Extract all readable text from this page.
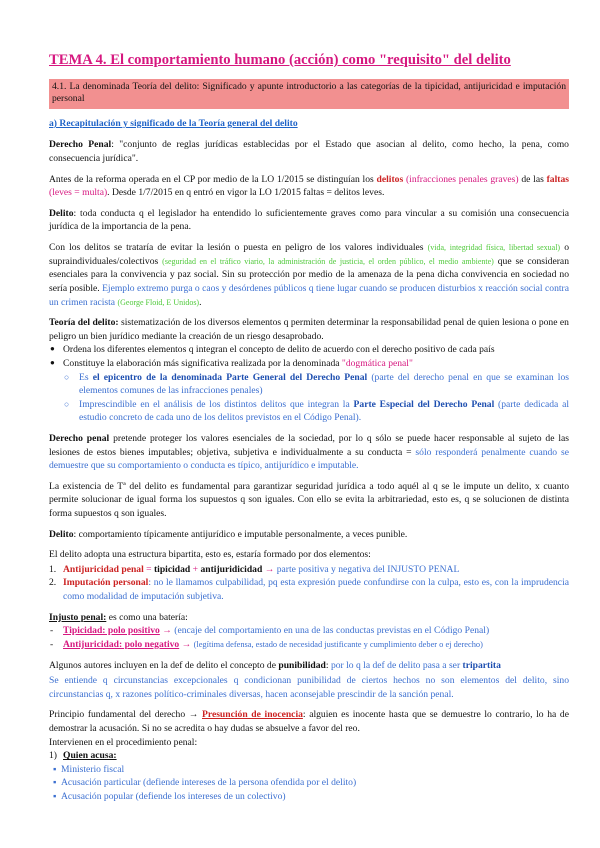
TEMA 4. El comportamiento humano (acción) como "requisito" del delito
4.1. La denominada Teoría del delito: Significado y apunte introductorio a las categorías de la tipicidad, antijuricidad e imputación personal
a) Recapitulación y significado de la Teoría general del delito

Derecho Penal: "conjunto de reglas jurídicas establecidas por el Estado que asocian al delito, como hecho, la pena, como consecuencia jurídica".

Antes de la reforma operada en el CP por medio de la LO 1/2015 se distinguían los delitos (infracciones penales graves) de las faltas (leves = multa). Desde 1/7/2015 en q entró en vigor la LO 1/2015 faltas = delitos leves.

Delito: toda conducta q el legislador ha entendido lo suficientemente graves como para vincular a su comisión una consecuencia jurídica de la importancia de la pena.

Con los delitos se trataría de evitar la lesión o puesta en peligro de los valores individuales (vida, integridad física, libertad sexual) o supraindividuales/colectivos (seguridad en el tráfico viario, la administración de justicia, el orden público, el medio ambiente) que se consideran esenciales para la convivencia y paz social. Sin su protección por medio de la amenaza de la pena dicha convivencia en sociedad no sería posible. Ejemplo extremo purga o caos y desórdenes públicos q tiene lugar cuando se producen disturbios x reacción social contra un crimen racista (George Floid, E Unidos).

Teoría del delito: sistematización de los diversos elementos q permiten determinar la responsabilidad penal de quien lesiona o pone en peligro un bien jurídico mediante la creación de un riesgo desaprobado.

● Ordena los diferentes elementos q integran el concepto de delito de acuerdo con el derecho positivo de cada país
● Constituye la elaboración más significativa realizada por la denominada "dogmática penal"
○ Es el epicentro de la denominada Parte General del Derecho Penal (parte del derecho penal en que se examinan los elementos comunes de las infracciones penales)
○ Imprescindible en el análisis de los distintos delitos que integran la Parte Especial del Derecho Penal (parte dedicada al estudio concreto de cada uno de los delitos previstos en el Código Penal).

Derecho penal pretende proteger los valores esenciales de la sociedad, por lo q sólo se puede hacer responsable al sujeto de las lesiones de estos bienes imputables; objetiva, subjetiva e individualmente a su conducta = sólo responderá penalmente cuando se demuestre que su comportamiento o conducta es típico, antijurídico e imputable.

La existencia de Tª del delito es fundamental para garantizar seguridad jurídica a todo aquél al q se le impute un delito, x cuanto permite solucionar de igual forma los supuestos q son iguales. Con ello se evita la arbitrariedad, esto es, q se solucionen de distinta forma supuestos q son iguales.

Delito: comportamiento típicamente antijurídico e imputable personalmente, a veces punible.

El delito adopta una estructura bipartita, esto es, estaría formado por dos elementos:

1. Antijuricidad penal = tipicidad + antijuridicidad → parte positiva y negativa del INJUSTO PENAL
2. Imputación personal: no le llamamos culpabilidad, pq esta expresión puede confundirse con la culpa, esto es, con la imprudencia como modalidad de imputación subjetiva.

Injusto penal: es como una batería:

- Tipicidad: polo positivo → (encaje del comportamiento en una de las conductas previstas en el Código Penal)
- Antijuricidad: polo negativo → (legítima defensa, estado de necesidad justificante y cumplimiento deber o ej derecho)

Algunos autores incluyen en la def de delito el concepto de punibilidad: por lo q la def de delito pasa a ser tripartita

Se entiende q circunstancias excepcionales q condicionan punibilidad de ciertos hechos no son elementos del delito, sino circunstancias q, x razones político-criminales diversas, hacen aconsejable prescindir de la sanción penal.

Principio fundamental del derecho → Presunción de inocencia: alguien es inocente hasta que se demuestre lo contrario, lo ha de demostrar la acusación. Si no se acredita o hay dudas se absuelve a favor del reo.

Intervienen en el procedimiento penal:

1) Quien acusa:
▪ Ministerio fiscal
▪ Acusación particular (defiende intereses de la persona ofendida por el delito)
▪ Acusación popular (defiende los intereses de un colectivo)
